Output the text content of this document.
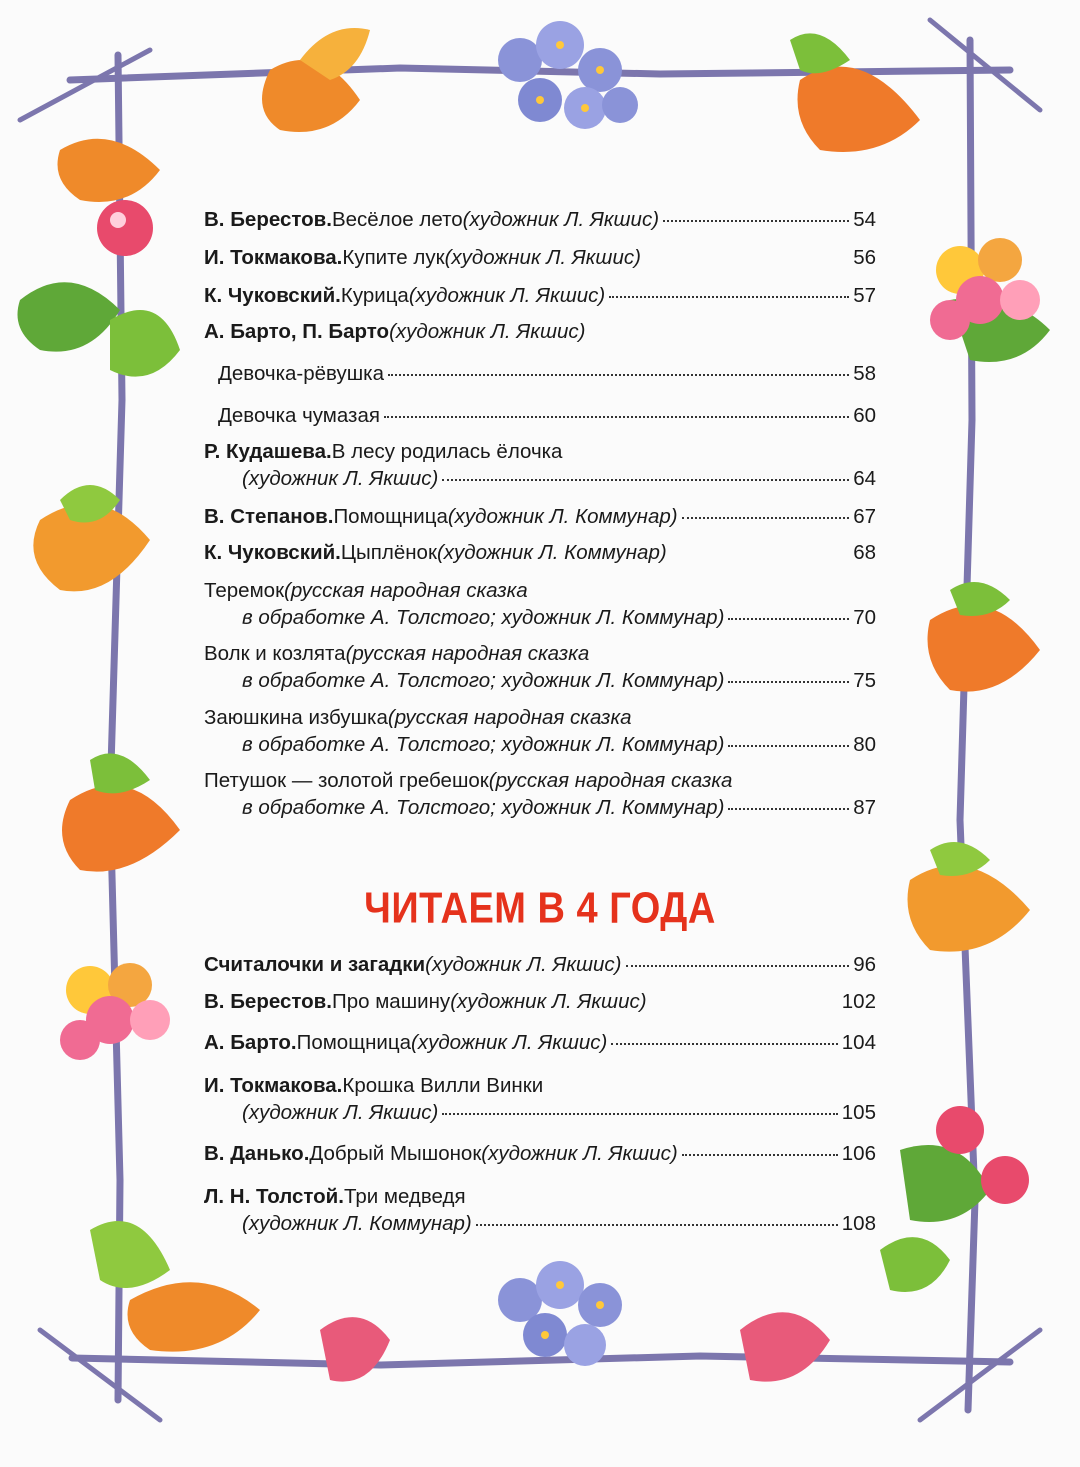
В. Берестов. Весёлое лето (художник Л. Якшис)	54
И. Токмакова. Купите лук (художник Л. Якшис)	56
К. Чуковский. Курица (художник Л. Якшис)	57
А. Барто, П. Барто (художник Л. Якшис)
Девочка-рёвушка	58
Девочка чумазая	60
Р. Кудашева. В лесу родилась ёлочка
(художник Л. Якшис)	64
В. Степанов. Помощница (художник Л. Коммунар)	67
К. Чуковский. Цыплёнок (художник Л. Коммунар)	68
Теремок (русская народная сказка
в обработке А. Толстого; художник Л. Коммунар)	70
Волк и козлята (русская народная сказка
в обработке А. Толстого; художник Л. Коммунар)	75
Заюшкина избушка (русская народная сказка
в обработке А. Толстого; художник Л. Коммунар)	80
Петушок — золотой гребешок (русская народная сказка
в обработке А. Толстого; художник Л. Коммунар)	87
ЧИТАЕМ В 4 ГОДА
Считалочки и загадки (художник Л. Якшис)	96
В. Берестов. Про машину (художник Л. Якшис)	102
А. Барто. Помощница (художник Л. Якшис)	104
И. Токмакова. Крошка Вилли Винки
(художник Л. Якшис)	105
В. Данько. Добрый Мышонок (художник Л. Якшис)	106
Л. Н. Толстой. Три медведя
(художник Л. Коммунар)	108
